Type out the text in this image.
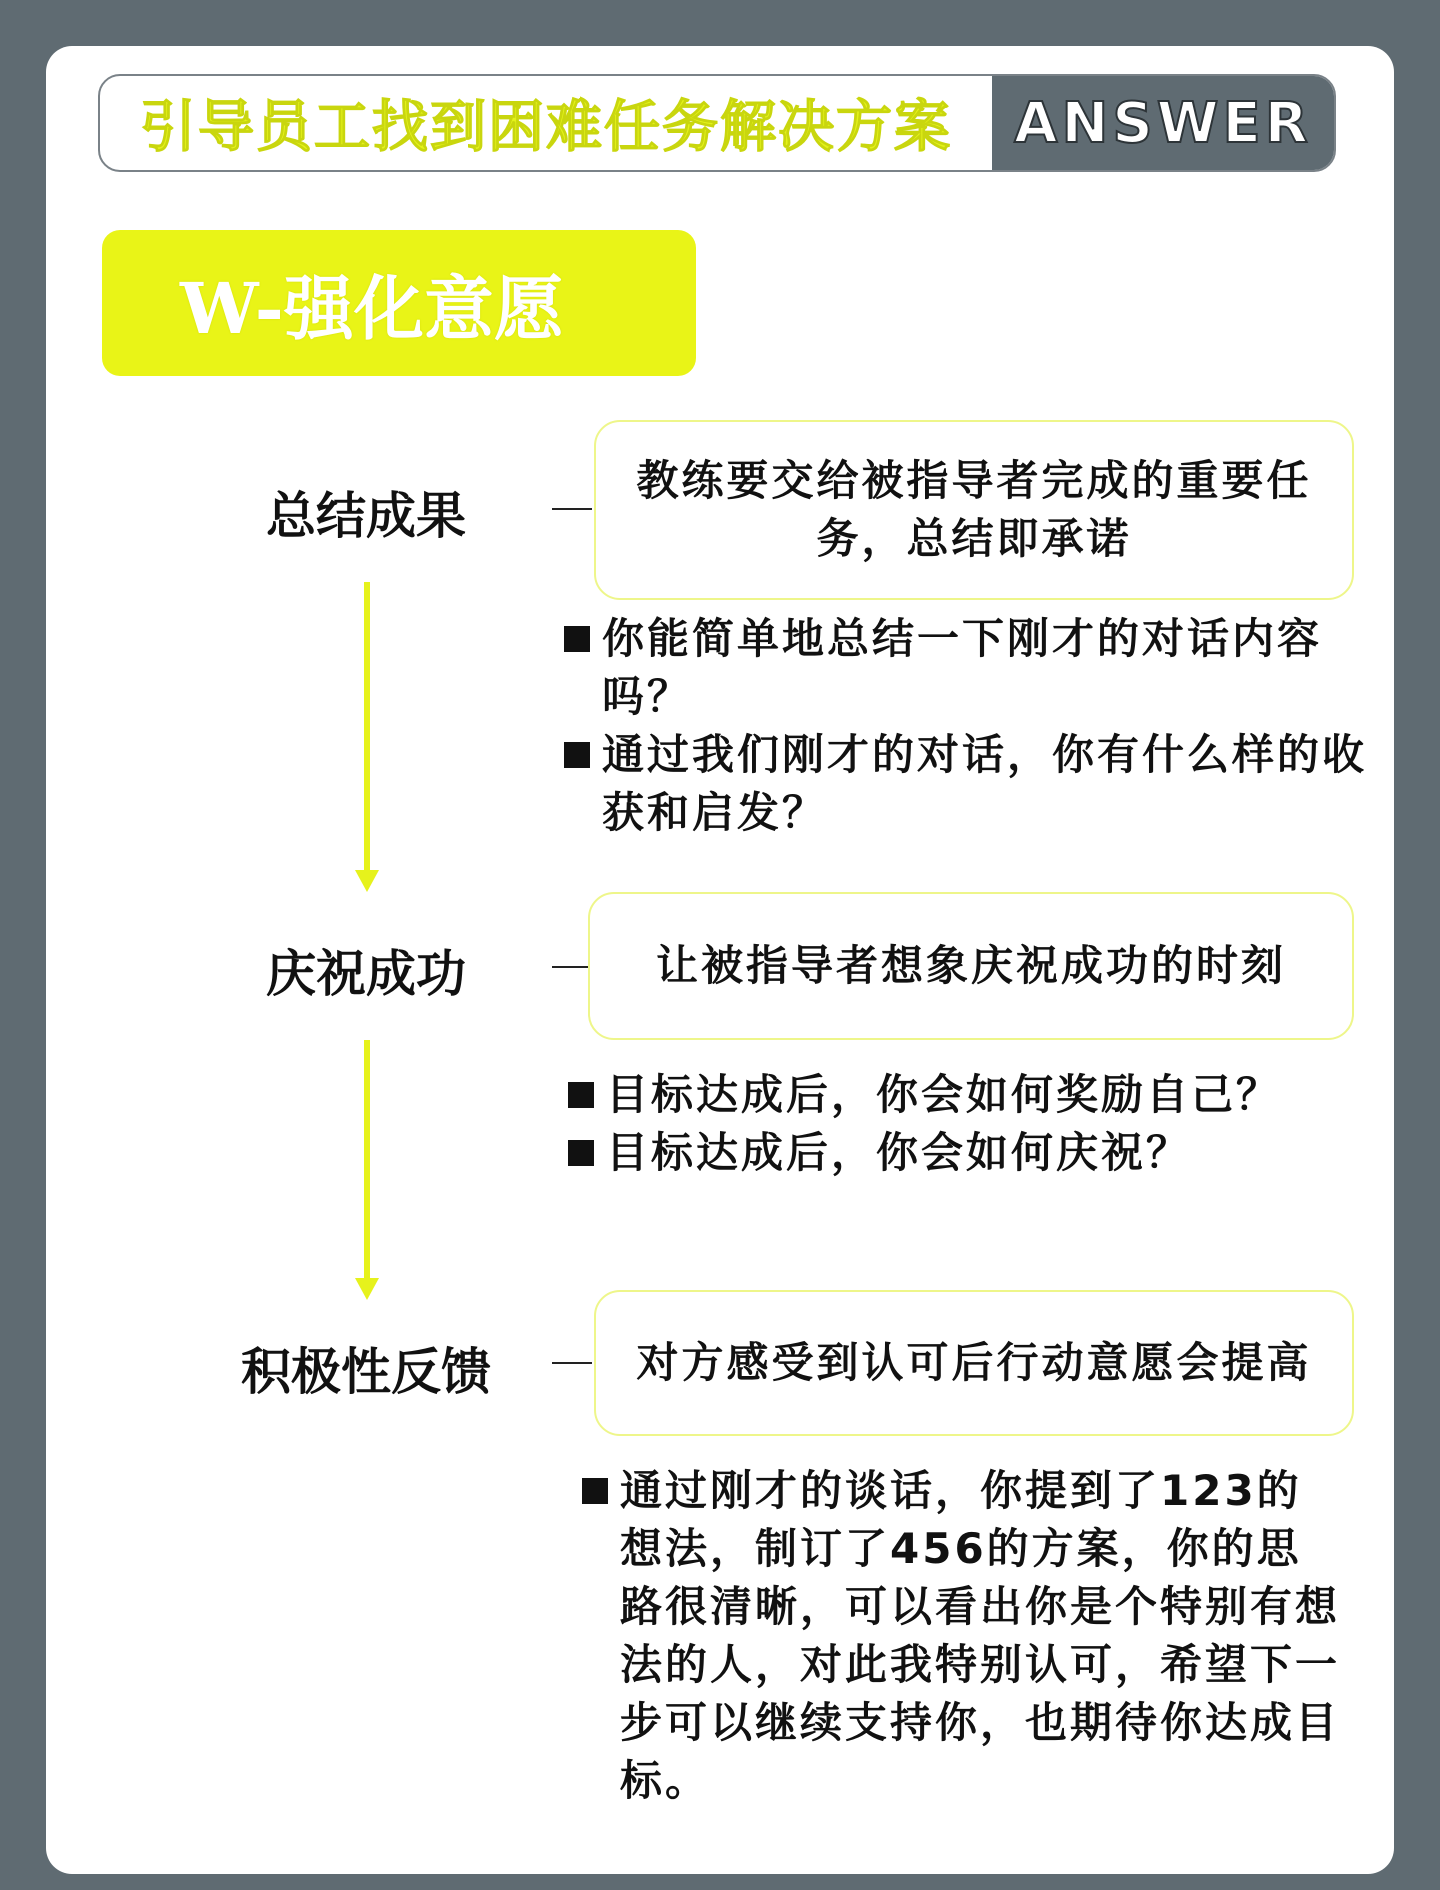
引导员工找到困难任务解决方案	ANSWER
W-强化意愿
总结成果
教练要交给被指导者完成的重要任务，总结即承诺
你能简单地总结一下刚才的对话内容吗？
通过我们刚才的对话，你有什么样的收获和启发？
庆祝成功	让被指导者想象庆祝成功的时刻
目标达成后，你会如何奖励自己？
目标达成后，你会如何庆祝？
积极性反馈	对方感受到认可后行动意愿会提高
通过刚才的谈话，你提到了123的想法，制订了456的方案，你的思路很清晰，可以看出你是个特别有想法的人，对此我特别认可，希望下一步可以继续支持你，也期待你达成目标。
